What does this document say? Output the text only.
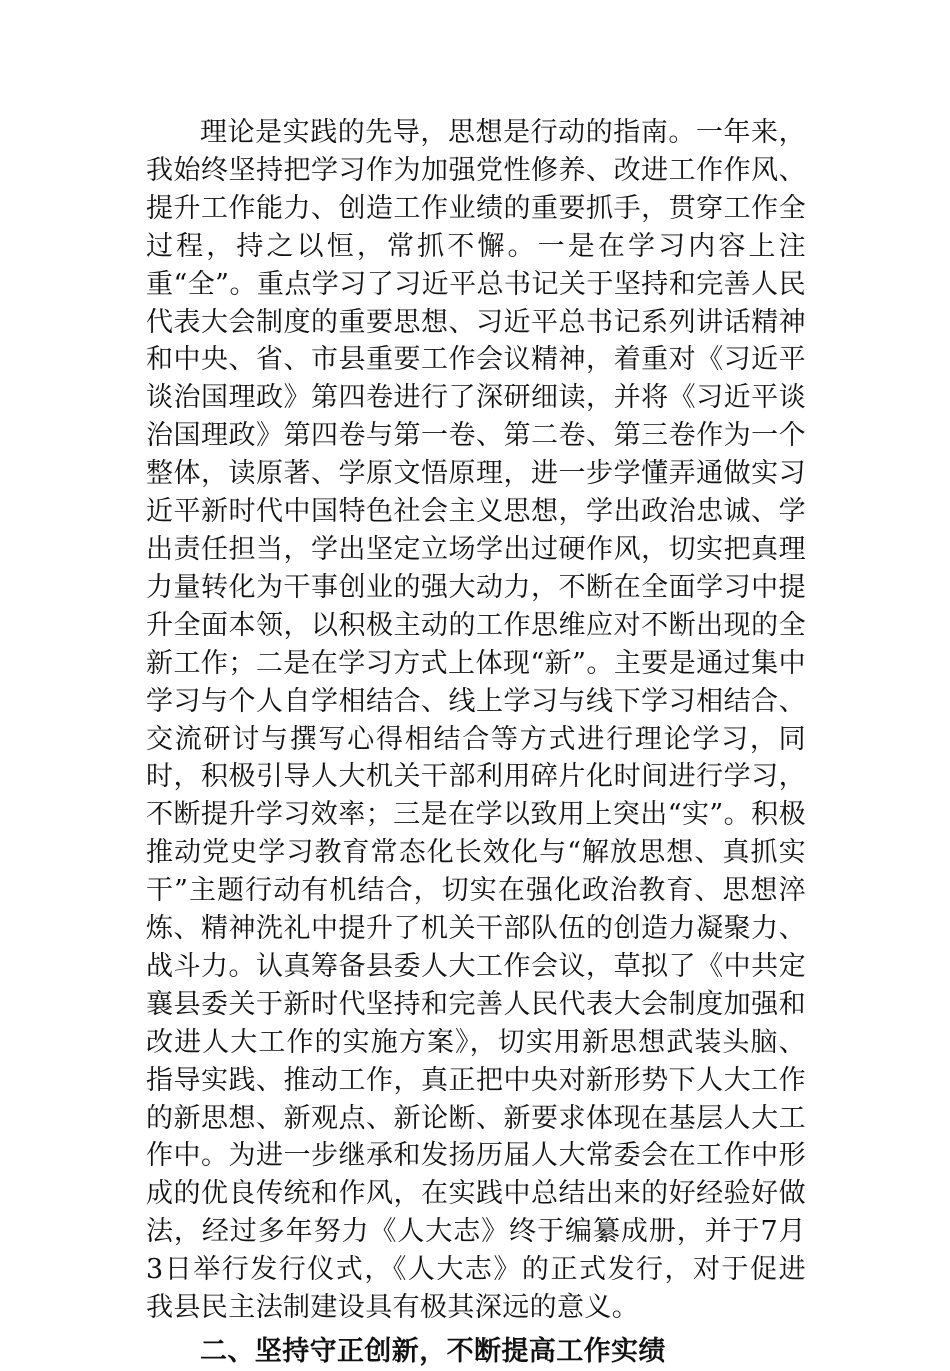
理论是实践的先导，思想是行动的指南。一年来，我始终坚持把学习作为加强党性修养、改进工作作风、提升工作能力、创造工作业绩的重要抓手，贯穿工作全过程，持之以恒，常抓不懈。一是在学习内容上注重“全”。重点学习了习近平总书记关于坚持和完善人民代表大会制度的重要思想、习近平总书记系列讲话精神和中央、省、市县重要工作会议精神，着重对《习近平谈治国理政》第四卷进行了深研细读，并将《习近平谈治国理政》第四卷与第一卷、第二卷、第三卷作为一个整体，读原著、学原文悟原理，进一步学懂弄通做实习近平新时代中国特色社会主义思想，学出政治忠诚、学出责任担当，学出坚定立场学出过硬作风，切实把真理力量转化为干事创业的强大动力，不断在全面学习中提升全面本领，以积极主动的工作思维应对不断出现的全新工作；二是在学习方式上体现“新”。主要是通过集中学习与个人自学相结合、线上学习与线下学习相结合、交流研讨与撰写心得相结合等方式进行理论学习，同时，积极引导人大机关干部利用碎片化时间进行学习，不断提升学习效率；三是在学以致用上突出“实”。积极推动党史学习教育常态化长效化与“解放思想、真抓实干”主题行动有机结合，切实在强化政治教育、思想淬炼、精神洗礼中提升了机关干部队伍的创造力凝聚力、战斗力。认真筹备县委人大工作会议，草拟了《中共定襄县委关于新时代坚持和完善人民代表大会制度加强和改进人大工作的实施方案》，切实用新思想武装头脑、指导实践、推动工作，真正把中央对新形势下人大工作的新思想、新观点、新论断、新要求体现在基层人大工作中。为进一步继承和发扬历届人大常委会在工作中形成的优良传统和作风，在实践中总结出来的好经验好做法，经过多年努力《人大志》终于编纂成册，并于7月3日举行发行仪式，《人大志》的正式发行，对于促进我县民主法制建设具有极其深远的意义。

二、坚持守正创新，不断提高工作实绩
